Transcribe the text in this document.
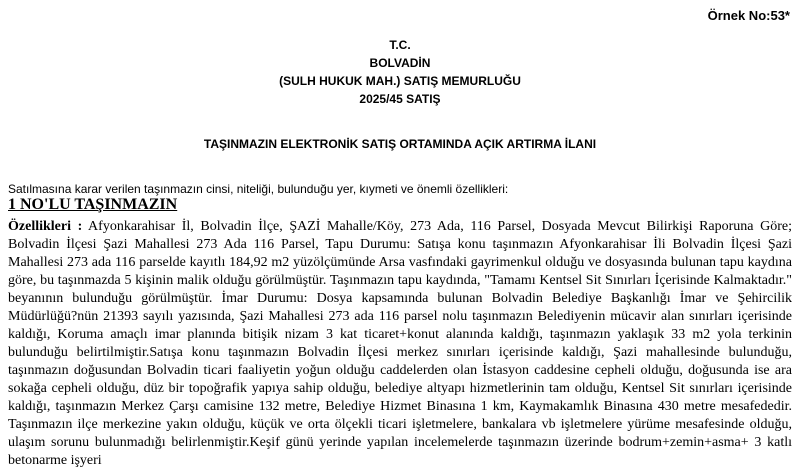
Örnek No:53*
T.C.
BOLVADİN
(SULH HUKUK MAH.) SATIŞ MEMURLUĞU
2025/45 SATIŞ
TAŞINMAZIN ELEKTRONİK SATIŞ ORTAMINDA AÇIK ARTIRMA İLANI
Satılmasına karar verilen taşınmazın cinsi, niteliği, bulunduğu yer, kıymeti ve önemli özellikleri:
1 NO'LU TAŞINMAZIN

Özellikleri : Afyonkarahisar İl, Bolvadin İlçe, ŞAZİ Mahalle/Köy, 273 Ada, 116 Parsel, Dosyada Mevcut Bilirkişi Raporuna Göre; Bolvadin İlçesi Şazi Mahallesi 273 Ada 116 Parsel, Tapu Durumu: Satışa konu taşınmazın Afyonkarahisar İli Bolvadin İlçesi Şazi Mahallesi 273 ada 116 parselde kayıtlı 184,92 m2 yüzölçümünde Arsa vasfındaki gayrimenkul olduğu ve dosyasında bulunan tapu kaydına göre, bu taşınmazda 5 kişinin malik olduğu görülmüştür. Taşınmazın tapu kaydında, "Tamamı Kentsel Sit Sınırları İçerisinde Kalmaktadır." beyanının bulunduğu görülmüştür. İmar Durumu: Dosya kapsamında bulunan Bolvadin Belediye Başkanlığı İmar ve Şehircilik Müdürlüğü?nün 21393 sayılı yazısında, Şazi Mahallesi 273 ada 116 parsel nolu taşınmazın Belediyenin mücavir alan sınırları içerisinde kaldığı, Koruma amaçlı imar planında bitişik nizam 3 kat ticaret+konut alanında kaldığı, taşınmazın yaklaşık 33 m2 yola terkinin bulunduğu belirtilmiştir.Satışa konu taşınmazın Bolvadin İlçesi merkez sınırları içerisinde kaldığı, Şazi mahallesinde bulunduğu, taşınmazın doğusundan Bolvadin ticari faaliyetin yoğun olduğu caddelerden olan İstasyon caddesine cepheli olduğu, doğusunda ise ara sokağa cepheli olduğu, düz bir topoğrafik yapıya sahip olduğu, belediye altyapı hizmetlerinin tam olduğu, Kentsel Sit sınırları içerisinde kaldığı, taşınmazın Merkez Çarşı camisine 132 metre, Belediye Hizmet Binasına 1 km, Kaymakamlık Binasına 430 metre mesafededir. Taşınmazın ilçe merkezine yakın olduğu, küçük ve orta ölçekli ticari işletmelere, bankalara vb işletmelere yürüme mesafesinde olduğu, ulaşım sorunu bulunmadığı belirlenmiştir.Keşif günü yerinde yapılan incelemelerde taşınmazın üzerinde bodrum+zemin+asma+ 3 katlı betonarme işyeri
